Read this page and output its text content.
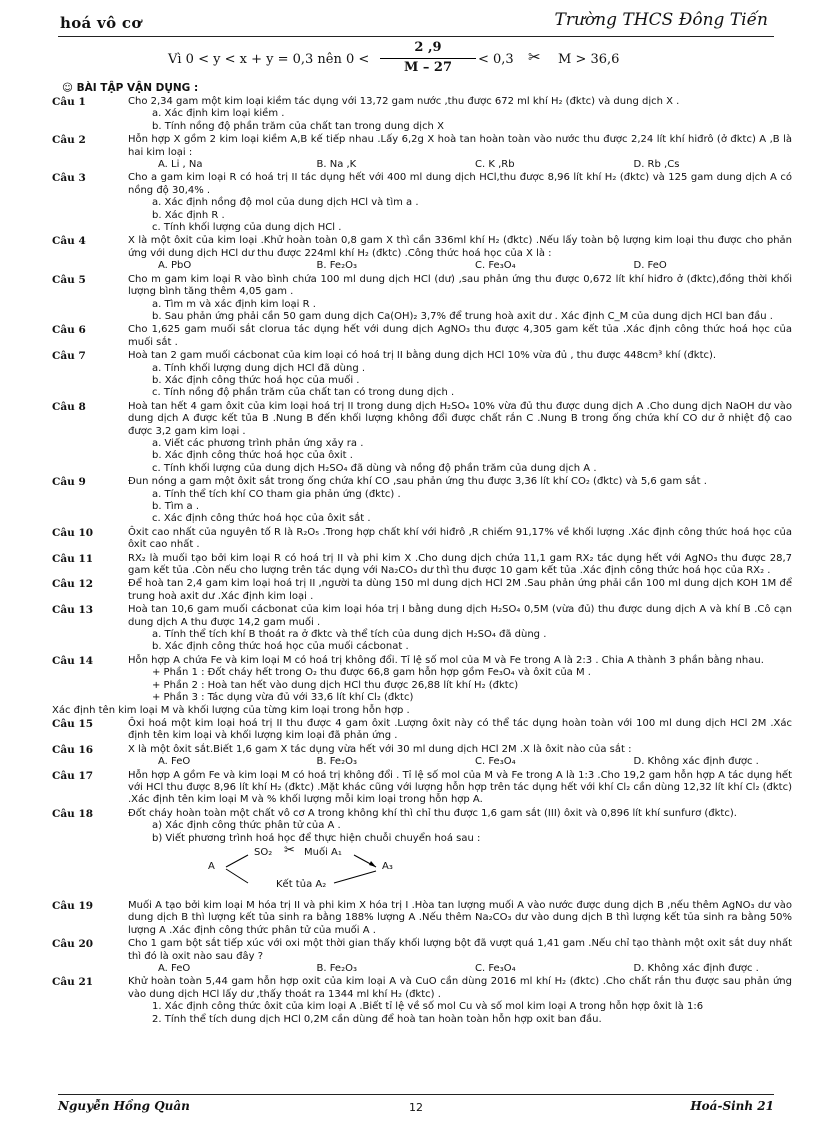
hoá vô cơ	Trường THCS Đông Tiến
Vì 0 < y < x + y = 0,3 nên 0 <
2 ,9
M – 27
< 0,3 ✂ M > 36,6
☺ BÀI TẬP VẬN DỤNG :
Câu 1	Cho 2,34 gam một kim loại kiềm tác dụng với 13,72 gam nước ,thu được 672 ml khí H₂ (đktc) và dung dịch X .
a. Xác định kim loại kiềm .
b. Tính nồng độ phần trăm của chất tan trong dung dịch X
Câu 2	Hỗn hợp X gồm 2 kim loại kiềm A,B kế tiếp nhau .Lấy 6,2g X hoà tan hoàn toàn vào nước thu được 2,24 lít khí hiđrô (ở đktc) A ,B là hai kim loại :
A. Li , Na	B. Na ,K	C. K ,Rb	D. Rb ,Cs
Câu 3	Cho a gam kim loại R có hoá trị II tác dụng hết với 400 ml dung dịch HCl,thu được 8,96 lít khí H₂ (đktc) và 125 gam dung dịch A có nồng độ 30,4% .
a. Xác định nồng độ mol của dung dịch HCl và tìm a .
b. Xác định R .
c. Tính khối lượng của dung dịch HCl .
Câu 4	X là một ôxit của kim loại .Khử hoàn toàn 0,8 gam X thì cần 336ml khí H₂ (đktc) .Nếu lấy toàn bộ lượng kim loại thu được cho phản ứng với dung dịch HCl dư thu được 224ml khí H₂ (đktc) .Công thức hoá học của X là :
A. PbO	B. Fe₂O₃	C. Fe₃O₄	D. FeO
Câu 5	Cho m gam kim loại R vào bình chứa 100 ml dung dịch HCl (dư) ,sau phản ứng thu được 0,672 lít khí hiđro ở (đktc),đồng thời khối lượng bình tăng thêm 4,05 gam .
a. Tìm m và xác định kim loại R .
b. Sau phản ứng phải cần 50 gam dung dịch Ca(OH)₂ 3,7% để trung hoà axit dư . Xác định C_M của dung dịch HCl ban đầu .
Câu 6	Cho 1,625 gam muối sắt clorua tác dụng hết với dung dịch AgNO₃ thu được 4,305 gam kết tủa .Xác định công thức hoá học của muối sắt .
Câu 7	Hoà tan 2 gam muối cácbonat của kim loại có hoá trị II bằng dung dịch HCl 10% vừa đủ , thu được 448cm³ khí (đktc).
a. Tính khối lượng dung dịch HCl đã dùng .
b. Xác định công thức hoá học của muối .
c. Tính nồng độ phần trăm của chất tan có trong dung dịch .
Câu 8	Hoà tan hết 4 gam ôxit của kim loại hoá trị II trong dung dịch H₂SO₄ 10% vừa đủ thu được dung dịch A .Cho dung dịch NaOH dư vào dung dịch A được kết tủa B .Nung B đến khối lượng không đổi được chất rắn C .Nung B trong ống chứa khí CO dư ở nhiệt độ cao được 3,2 gam kim loại .
a. Viết các phương trình phản ứng xảy ra .
b. Xác định công thức hoá học của ôxit .
c. Tính khối lượng của dung dịch H₂SO₄ đã dùng và nồng độ phần trăm của dung dịch A .
Câu 9	Đun nóng a gam một ôxit sắt trong ống chứa khí CO ,sau phản ứng thu được 3,36 lít khí CO₂ (đktc) và 5,6 gam sắt .
a. Tính thể tích khí CO tham gia phản ứng (đktc) .
b. Tìm a .
c. Xác định công thức hoá học của ôxit sắt .
Câu 10	Ôxit cao nhất của nguyên tố R là R₂O₅ .Trong hợp chất khí với hiđrô ,R chiếm 91,17% về khối lượng .Xác định công thức hoá học của ôxit cao nhất .
Câu 11	RX₂ là muối tạo bởi kim loại R có hoá trị II và phi kim X .Cho dung dịch chứa 11,1 gam RX₂ tác dụng hết với AgNO₃ thu được 28,7 gam kết tủa .Còn nếu cho lượng trên tác dụng với Na₂CO₃ dư thì thu được 10 gam kết tủa .Xác định công thức hoá học của RX₂ .
Câu 12	Để hoà tan 2,4 gam kim loại hoá trị II ,người ta dùng 150 ml dung dịch HCl 2M .Sau phản ứng phải cần 100 ml dung dịch KOH 1M để trung hoà axit dư .Xác định kim loại .
Câu 13	Hoà tan 10,6 gam muối cácbonat của kim loại hóa trị I bằng dung dịch H₂SO₄ 0,5M (vừa đủ) thu được dung dịch A và khí B .Cô cạn dung dịch A thu được 14,2 gam muối .
a. Tính thể tích khí B thoát ra ở đktc và thể tích của dung dịch H₂SO₄ đã dùng .
b. Xác định công thức hoá học của muối cácbonat .
Câu 14	Hỗn hợp A chứa Fe và kim loại M có hoá trị không đổi. Tỉ lệ số mol của M và Fe trong A là 2:3 . Chia A thành 3 phần bằng nhau.
+ Phần 1 : Đốt cháy hết trong O₂ thu được 66,8 gam hỗn hợp gồm Fe₃O₄ và ôxit của M .
+ Phần 2 : Hoà tan hết vào dung dịch HCl thu được 26,88 lít khí H₂ (đktc)
+ Phần 3 : Tác dụng vừa đủ với 33,6 lít khí Cl₂ (đktc)
Xác định tên kim loại M và khối lượng của từng kim loại trong hỗn hợp .
Câu 15	Ôxi hoá một kim loại hoá trị II thu được 4 gam ôxit .Lượng ôxit này có thể tác dụng hoàn toàn với 100 ml dung dịch HCl 2M .Xác định tên kim loại và khối lượng kim loại đã phản ứng .
Câu 16	X là một ôxit sắt.Biết 1,6 gam X tác dụng vừa hết với 30 ml dung dịch HCl 2M .X là ôxit nào của sắt :
A. FeO	B. Fe₂O₃	C. Fe₃O₄	D. Không xác định được .
Câu 17	Hỗn hợp A gồm Fe và kim loại M có hoá trị không đổi . Tỉ lệ số mol của M và Fe trong A là 1:3 .Cho 19,2 gam hỗn hợp A tác dụng hết với HCl thu được 8,96 lít khí H₂ (đktc) .Mặt khác cũng với lượng hỗn hợp trên tác dụng hết với khí Cl₂ cần dùng 12,32 lít khí Cl₂ (đktc) .Xác định tên kim loại M và % khối lượng mỗi kim loại trong hỗn hợp A.
Câu 18	Đốt cháy hoàn toàn một chất vô cơ A trong không khí thì chỉ thu được 1,6 gam sắt (III) ôxit và 0,896 lít khí sunfurơ (đktc).
a) Xác định công thức phân tử của A .
b) Viết phương trình hoá học để thực hiện chuỗi chuyển hoá sau :
A
SO₂ ✂ Muối A₁
A₃
Kết tủa A₂
Câu 19	Muối A tạo bởi kim loại M hóa trị II và phi kim X hóa trị I .Hòa tan lượng muối A vào nước được dung dịch B ,nếu thêm AgNO₃ dư vào dung dịch B thì lượng kết tủa sinh ra bằng 188% lượng A .Nếu thêm Na₂CO₃ dư vào dung dịch B thì lượng kết tủa sinh ra bằng 50% lượng A .Xác định công thức phân tử của muối A .
Câu 20	Cho 1 gam bột sắt tiếp xúc với oxi một thời gian thấy khối lượng bột đã vượt quá 1,41 gam .Nếu chỉ tạo thành một oxit sắt duy nhất thì đó là oxit nào sau đây ?
A. FeO	B. Fe₂O₃	C. Fe₃O₄	D. Không xác định được .
Câu 21	Khử hoàn toàn 5,44 gam hỗn hợp oxit của kim loại A và CuO cần dùng 2016 ml khí H₂ (đktc) .Cho chất rắn thu được sau phản ứng vào dung dịch HCl lấy dư ,thấy thoát ra 1344 ml khí H₂ (đktc) .
1. Xác định công thức ôxit của kim loại A .Biết tỉ lệ về số mol Cu và số mol kim loại A trong hỗn hợp ôxit là 1:6
2. Tính thể tích dung dịch HCl 0,2M cần dùng để hoà tan hoàn toàn hỗn hợp oxit ban đầu.
Nguyễn Hồng Quân	12	Hoá-Sinh 21
